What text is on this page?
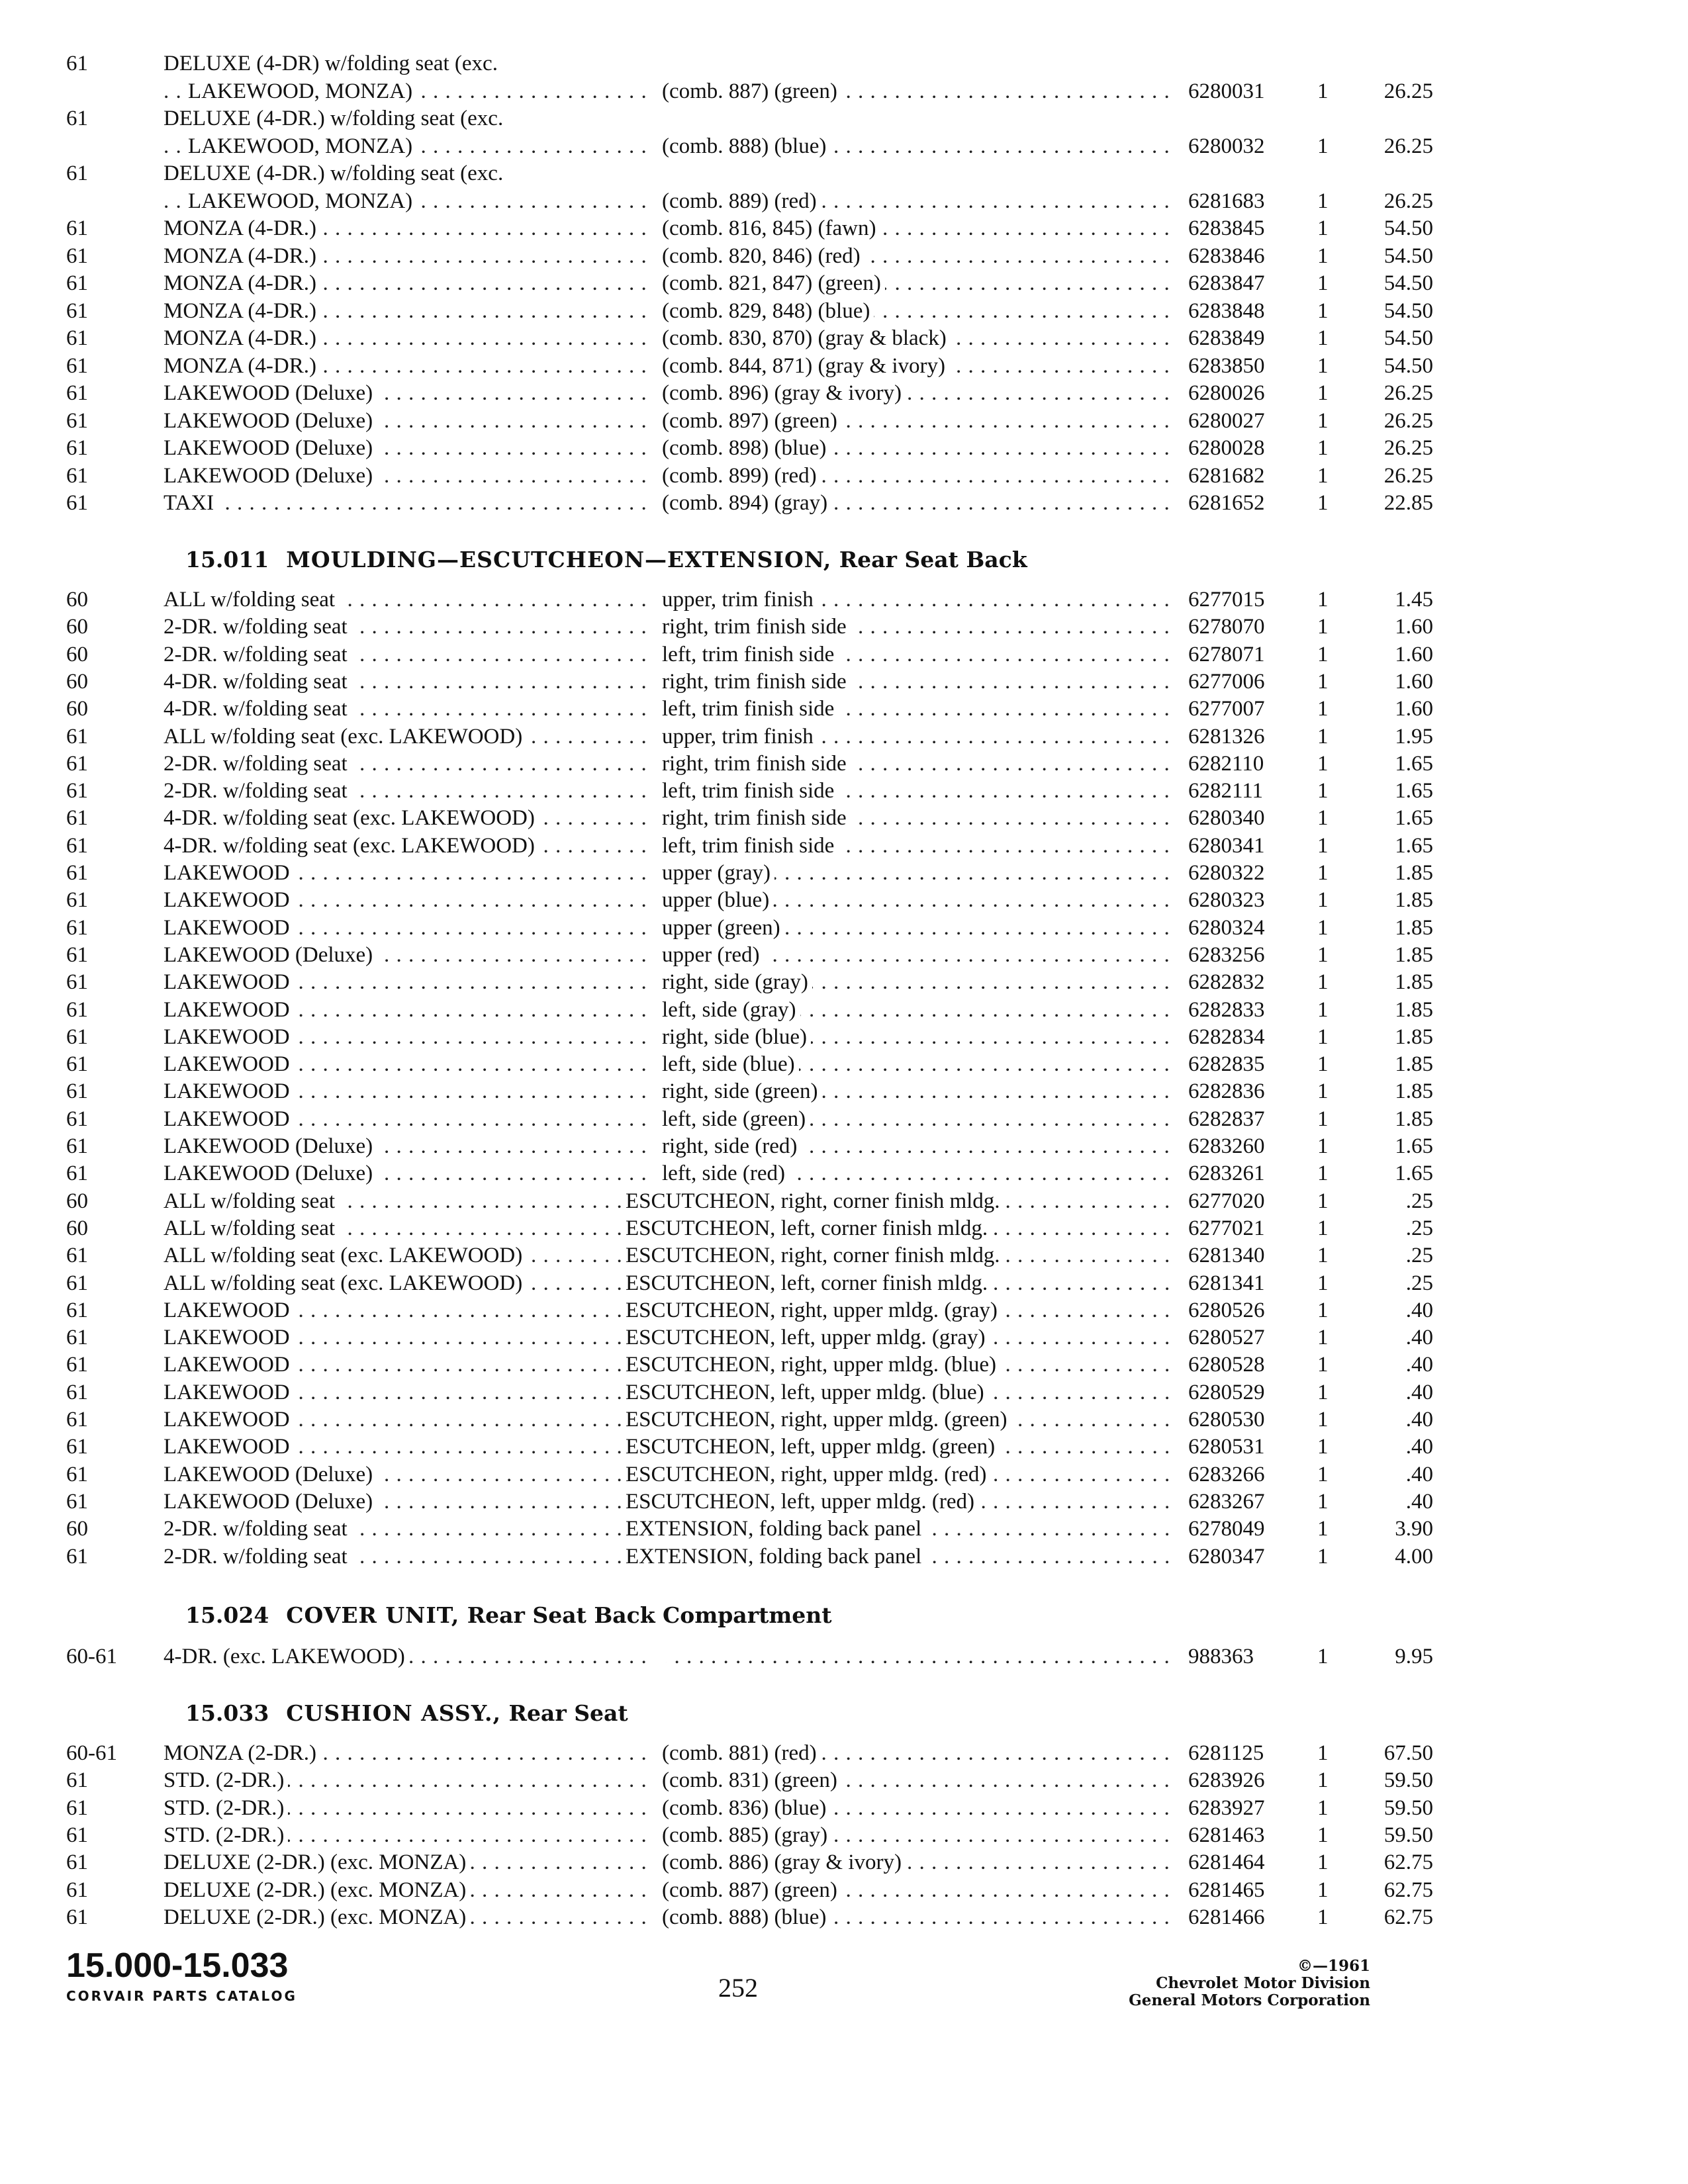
61	DELUXE (4-DR) w/folding seat (exc.
LAKEWOOD, MONZA) . . .	(comb. 887) (green) . . .	6280031	1	26.25
61	DELUXE (4-DR.) w/folding seat (exc.
LAKEWOOD, MONZA) . . .	(comb. 888) (blue) . . .	6280032	1	26.25
61	DELUXE (4-DR.) w/folding seat (exc.
LAKEWOOD, MONZA) . . .	(comb. 889) (red) . . .	6281683	1	26.25
61	MONZA (4-DR.) . . .	(comb. 816, 845) (fawn) . . .	6283845	1	54.50
61	MONZA (4-DR.) . . .	(comb. 820, 846) (red) . . .	6283846	1	54.50
61	MONZA (4-DR.) . . .	(comb. 821, 847) (green) . . .	6283847	1	54.50
61	MONZA (4-DR.) . . .	(comb. 829, 848) (blue) . . .	6283848	1	54.50
61	MONZA (4-DR.) . . .	(comb. 830, 870) (gray & black) . . .	6283849	1	54.50
61	MONZA (4-DR.) . . .	(comb. 844, 871) (gray & ivory) . . .	6283850	1	54.50
61	LAKEWOOD (Deluxe) . . .	(comb. 896) (gray & ivory) . . .	6280026	1	26.25
61	LAKEWOOD (Deluxe) . . .	(comb. 897) (green) . . .	6280027	1	26.25
61	LAKEWOOD (Deluxe) . . .	(comb. 898) (blue) . . .	6280028	1	26.25
61	LAKEWOOD (Deluxe) . . .	(comb. 899) (red) . . .	6281682	1	26.25
61	TAXI . . .	(comb. 894) (gray) . . .	6281652	1	22.85
15.011 MOULDING—ESCUTCHEON—EXTENSION, Rear Seat Back
60	ALL w/folding seat . . .	upper, trim finish . . .	6277015	1	1.45
60	2-DR. w/folding seat . . .	right, trim finish side . . .	6278070	1	1.60
60	2-DR. w/folding seat . . .	left, trim finish side . . .	6278071	1	1.60
60	4-DR. w/folding seat . . .	right, trim finish side . . .	6277006	1	1.60
60	4-DR. w/folding seat . . .	left, trim finish side . . .	6277007	1	1.60
61	ALL w/folding seat (exc. LAKEWOOD) . . .	upper, trim finish . . .	6281326	1	1.95
61	2-DR. w/folding seat . . .	right, trim finish side . . .	6282110	1	1.65
61	2-DR. w/folding seat . . .	left, trim finish side . . .	6282111	1	1.65
61	4-DR. w/folding seat (exc. LAKEWOOD) . . .	right, trim finish side . . .	6280340	1	1.65
61	4-DR. w/folding seat (exc. LAKEWOOD) . . .	left, trim finish side . . .	6280341	1	1.65
61	LAKEWOOD . . .	upper (gray) . . .	6280322	1	1.85
61	LAKEWOOD . . .	upper (blue) . . .	6280323	1	1.85
61	LAKEWOOD . . .	upper (green) . . .	6280324	1	1.85
61	LAKEWOOD (Deluxe) . . .	upper (red) . . .	6283256	1	1.85
61	LAKEWOOD . . .	right, side (gray) . . .	6282832	1	1.85
61	LAKEWOOD . . .	left, side (gray) . . .	6282833	1	1.85
61	LAKEWOOD . . .	right, side (blue) . . .	6282834	1	1.85
61	LAKEWOOD . . .	left, side (blue) . . .	6282835	1	1.85
61	LAKEWOOD . . .	right, side (green) . . .	6282836	1	1.85
61	LAKEWOOD . . .	left, side (green) . . .	6282837	1	1.85
61	LAKEWOOD (Deluxe) . . .	right, side (red) . . .	6283260	1	1.65
61	LAKEWOOD (Deluxe) . . .	left, side (red) . . .	6283261	1	1.65
60	ALL w/folding seat . . .	ESCUTCHEON, right, corner finish mldg. . . .	6277020	1	.25
60	ALL w/folding seat . . .	ESCUTCHEON, left, corner finish mldg. . . .	6277021	1	.25
61	ALL w/folding seat (exc. LAKEWOOD) . . .	ESCUTCHEON, right, corner finish mldg. . . .	6281340	1	.25
61	ALL w/folding seat (exc. LAKEWOOD) . . .	ESCUTCHEON, left, corner finish mldg. . . .	6281341	1	.25
61	LAKEWOOD . . .	ESCUTCHEON, right, upper mldg. (gray) . . .	6280526	1	.40
61	LAKEWOOD . . .	ESCUTCHEON, left, upper mldg. (gray) . . .	6280527	1	.40
61	LAKEWOOD . . .	ESCUTCHEON, right, upper mldg. (blue) . . .	6280528	1	.40
61	LAKEWOOD . . .	ESCUTCHEON, left, upper mldg. (blue) . . .	6280529	1	.40
61	LAKEWOOD . . .	ESCUTCHEON, right, upper mldg. (green) . . .	6280530	1	.40
61	LAKEWOOD . . .	ESCUTCHEON, left, upper mldg. (green) . . .	6280531	1	.40
61	LAKEWOOD (Deluxe) . . .	ESCUTCHEON, right, upper mldg. (red) . . .	6283266	1	.40
61	LAKEWOOD (Deluxe) . . .	ESCUTCHEON, left, upper mldg. (red) . . .	6283267	1	.40
60	2-DR. w/folding seat . . .	EXTENSION, folding back panel . . .	6278049	1	3.90
61	2-DR. w/folding seat . . .	EXTENSION, folding back panel . . .	6280347	1	4.00
15.024 COVER UNIT, Rear Seat Back Compartment
60-61	4-DR. (exc. LAKEWOOD) . . .
. . .	988363	1	9.95
15.033 CUSHION ASSY., Rear Seat
60-61	MONZA (2-DR.) . . .	(comb. 881) (red) . . .	6281125	1	67.50
61	STD. (2-DR.) . . .	(comb. 831) (green) . . .	6283926	1	59.50
61	STD. (2-DR.) . . .	(comb. 836) (blue) . . .	6283927	1	59.50
61	STD. (2-DR.) . . .	(comb. 885) (gray) . . .	6281463	1	59.50
61	DELUXE (2-DR.) (exc. MONZA) . . .	(comb. 886) (gray & ivory) . . .	6281464	1	62.75
61	DELUXE (2-DR.) (exc. MONZA) . . .	(comb. 887) (green) . . .	6281465	1	62.75
61	DELUXE (2-DR.) (exc. MONZA) . . .	(comb. 888) (blue) . . .	6281466	1	62.75
15.000-15.033
CORVAIR PARTS CATALOG	252
©—1961
Chevrolet Motor Division
General Motors Corporation
